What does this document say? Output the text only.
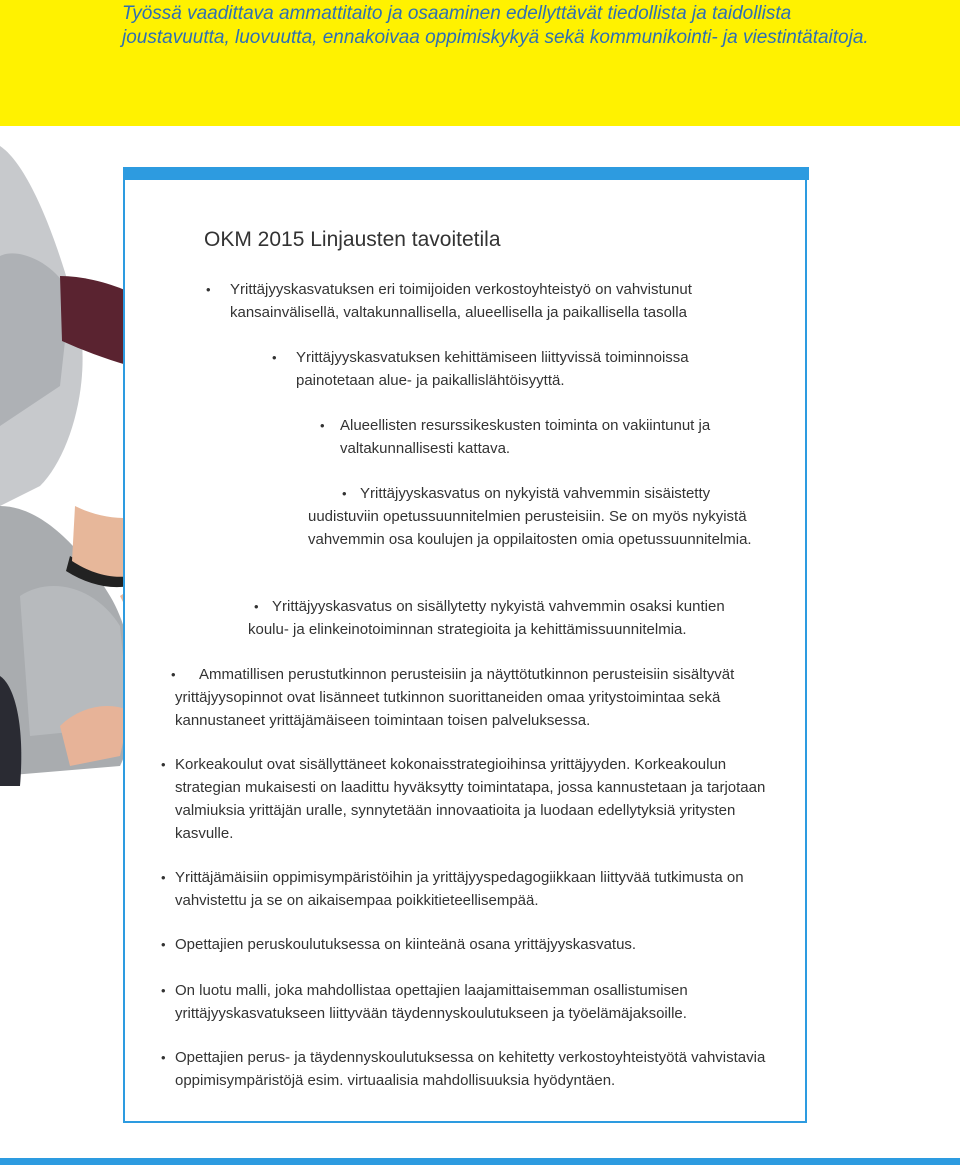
Työssä vaadittava ammattitaito ja osaaminen edellyttävät tiedollista ja taidollista joustavuutta, luovuutta, ennakoivaa oppimiskykyä sekä kommunikointi- ja viestintätaitoja.

OKM 2015 Linjausten tavoitetila
• Yrittäjyyskasvatuksen eri toimijoiden verkostoyhteistyö on vahvistunut kansainvälisellä, valtakunnallisella, alueellisella ja paikallisella tasolla
• Yrittäjyyskasvatuksen kehittämiseen liittyvissä toiminnoissa painotetaan alue- ja paikallislähtöisyyttä.
• Alueellisten resurssikeskusten toiminta on vakiintunut ja valtakunnallisesti kattava.
• Yrittäjyyskasvatus on nykyistä vahvemmin sisäistetty uudistuviin opetussuunnitelmien perusteisiin. Se on myös nykyistä vahvemmin osa koulujen ja oppilaitosten omia opetussuunnitelmia.
• Yrittäjyyskasvatus on sisällytetty nykyistä vahvemmin osaksi kuntien koulu- ja elinkeinotoiminnan strategioita ja kehittämissuunnitelmia.
• Ammatillisen perustutkinnon perusteisiin ja näyttötutkinnon perusteisiin sisältyvät yrittäjyysopinnot ovat lisänneet tutkinnon suorittaneiden omaa yritystoimintaa sekä kannustaneet yrittäjämäiseen toimintaan toisen palveluksessa.
• Korkeakoulut ovat sisällyttäneet kokonaisstrategioihinsa yrittäjyyden. Korkeakoulun strategian mukaisesti on laadittu hyväksytty toimintatapa, jossa kannustetaan ja tarjotaan valmiuksia yrittäjän uralle, synnytetään innovaatioita ja luodaan edellytyksiä yritysten kasvulle.
• Yrittäjämäisiin oppimisympäristöihin ja yrittäjyyspedagogiikkaan liittyvää tutkimusta on vahvistettu ja se on aikaisempaa poikkitieteellisempää.
• Opettajien peruskoulutuksessa on kiinteänä osana yrittäjyyskasvatus.
• On luotu malli, joka mahdollistaa opettajien laajamittaisemman osallistumisen yrittäjyyskasvatukseen liittyvään täydennyskoulutukseen ja työelämäjaksoille.
• Opettajien perus- ja täydennyskoulutuksessa on kehitetty verkostoyhteistyötä vahvistavia oppimisympäristöjä esim. virtuaalisia mahdollisuuksia hyödyntäen.
